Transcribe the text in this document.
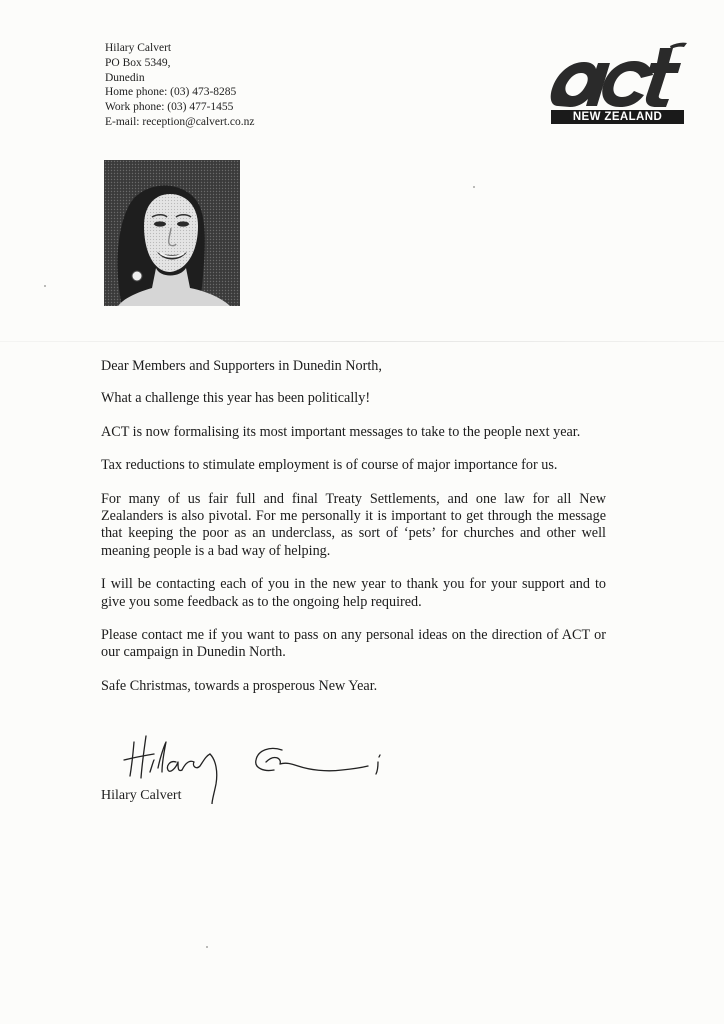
Hilary Calvert
PO Box 5349,
Dunedin
Home phone: (03) 473-8285
Work phone: (03) 477-1455
E-mail: reception@calvert.co.nz	NEW ZEALAND

Dear Members and Supporters in Dunedin North,

What a challenge this year has been politically!

ACT is now formalising its most important messages to take to the people next year.

Tax reductions to stimulate employment is of course of major importance for us.

For many of us fair full and final Treaty Settlements, and one law for all New Zealanders is also pivotal. For me personally it is important to get through the message that keeping the poor as an underclass, as sort of ‘pets’ for churches and other well meaning people is a bad way of helping.

I will be contacting each of you in the new year to thank you for your support and to give you some feedback as to the ongoing help required.

Please contact me if you want to pass on any personal ideas on the direction of ACT or our campaign in Dunedin North.

Safe Christmas, towards a prosperous New Year.

Hilary Calvert
